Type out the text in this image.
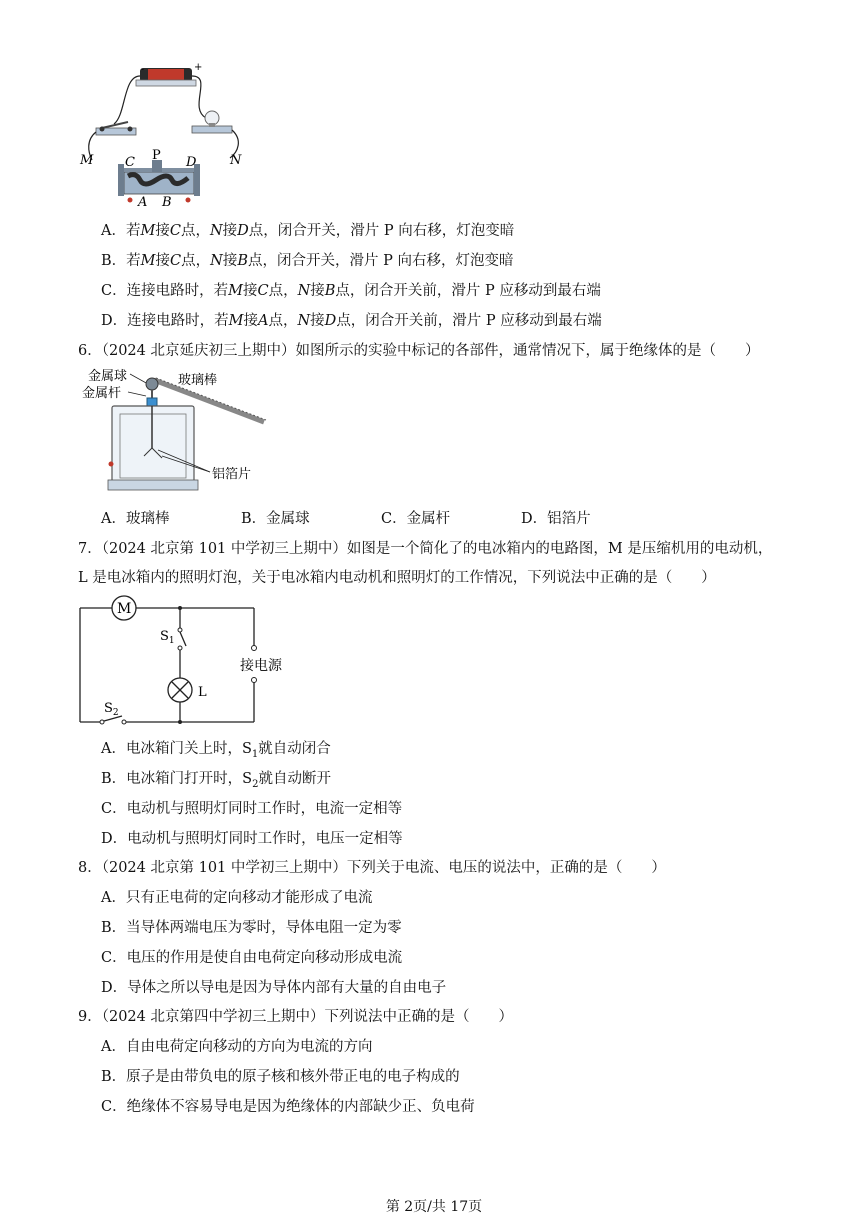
-	+
M	N
C P D
A B
A．若M接C点，N接D点，闭合开关，滑片 P 向右移，灯泡变暗
B．若M接C点，N接B点，闭合开关，滑片 P 向右移，灯泡变暗
C．连接电路时，若M接C点，N接B点，闭合开关前，滑片 P 应移动到最右端
D．连接电路时，若M接A点，N接D点，闭合开关前，滑片 P 应移动到最右端
6．（2024 北京延庆初三上期中）如图所示的实验中标记的各部件，通常情况下，属于绝缘体的是（　　）
金属球
金属杆
玻璃棒
铝箔片
A．玻璃棒	B．金属球	C．金属杆	D．铝箔片
7．（2024 北京第 101 中学初三上期中）如图是一个简化了的电冰箱内的电路图，M 是压缩机用的电动机，
L 是电冰箱内的照明灯泡，关于电冰箱内电动机和照明灯的工作情况，下列说法中正确的是（　　）
M
$S_1$
L
$S_2$
接电源
A．电冰箱门关上时，$S_1$就自动闭合
B．电冰箱门打开时，$S_2$就自动断开
C．电动机与照明灯同时工作时，电流一定相等
D．电动机与照明灯同时工作时，电压一定相等
8．（2024 北京第 101 中学初三上期中）下列关于电流、电压的说法中，正确的是（　　）
A．只有正电荷的定向移动才能形成了电流
B．当导体两端电压为零时，导体电阻一定为零
C．电压的作用是使自由电荷定向移动形成电流
D．导体之所以导电是因为导体内部有大量的自由电子
9．（2024 北京第四中学初三上期中）下列说法中正确的是（　　）
A．自由电荷定向移动的方向为电流的方向
B．原子是由带负电的原子核和核外带正电的电子构成的
C．绝缘体不容易导电是因为绝缘体的内部缺少正、负电荷
第 2页/共 17页
